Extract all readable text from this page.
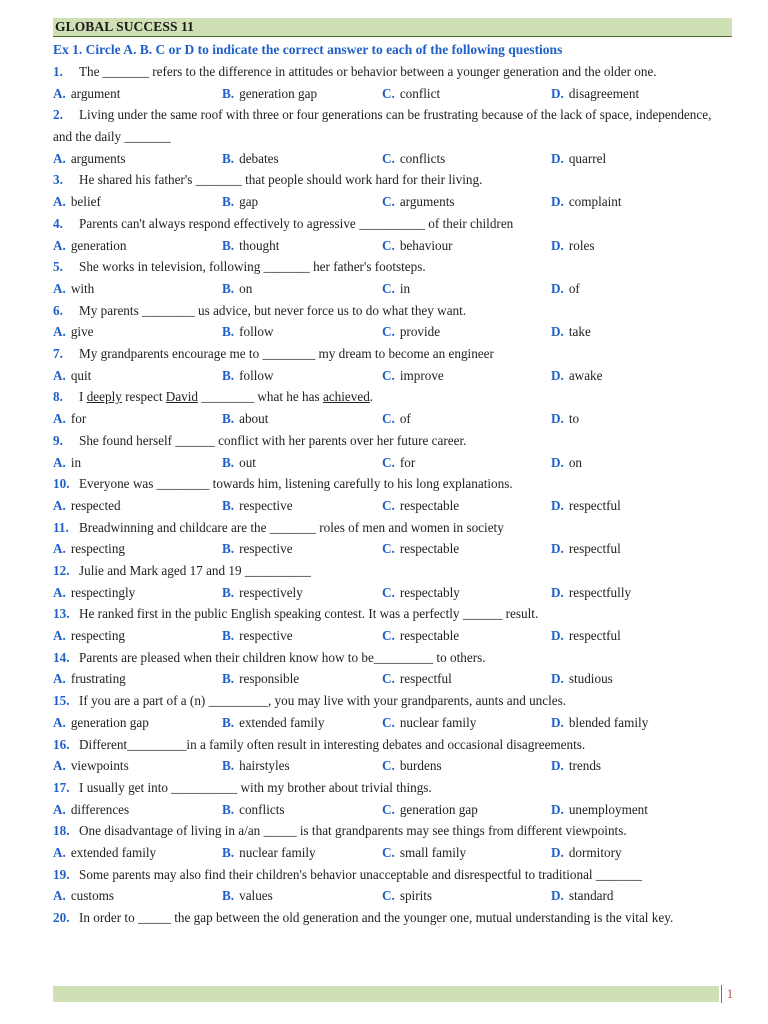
GLOBAL SUCCESS 11
Ex 1. Circle A. B. C or D to indicate the correct answer to each of the following questions
1. The _______ refers to the difference in attitudes or behavior between a younger generation and the older one.
A. argument	B. generation gap	C. conflict	D. disagreement
2. Living under the same roof with three or four generations can be frustrating because of the lack of space, independence, and the daily _______
A. arguments	B. debates	C. conflicts	D. quarrel
3. He shared his father's _______ that people should work hard for their living.
A. belief	B. gap	C. arguments	D. complaint
4. Parents can't always respond effectively to agressive __________ of their children
A. generation	B. thought	C. behaviour	D. roles
5. She works in television, following _______ her father's footsteps.
A. with	B. on	C. in	D. of
6. My parents ________ us advice, but never force us to do what they want.
A. give	B. follow	C. provide	D. take
7. My grandparents encourage me to ________ my dream to become an engineer
A. quit	B. follow	C. improve	D. awake
8. I deeply respect David ________ what he has achieved.
A. for	B. about	C. of	D. to
9. She found herself ______ conflict with her parents over her future career.
A. in	B. out	C. for	D. on
10. Everyone was ________ towards him, listening carefully to his long explanations.
A. respected	B. respective	C. respectable	D. respectful
11. Breadwinning and childcare are the _______ roles of men and women in society
A. respecting	B. respective	C. respectable	D. respectful
12. Julie and Mark aged 17 and 19 __________
A. respectingly	B. respectively	C. respectably	D. respectfully
13. He ranked first in the public English speaking contest. It was a perfectly ______ result.
A. respecting	B. respective	C. respectable	D. respectful
14. Parents are pleased when their children know how to be_________ to others.
A. frustrating	B. responsible	C. respectful	D. studious
15. If you are a part of a (n) _________, you may live with your grandparents, aunts and uncles.
A. generation gap	B. extended family	C. nuclear family	D. blended family
16. Different_________in a family often result in interesting debates and occasional disagreements.
A. viewpoints	B. hairstyles	C. burdens	D. trends
17. I usually get into __________ with my brother about trivial things.
A. differences	B. conflicts	C. generation gap	D. unemployment
18. One disadvantage of living in a/an _____ is that grandparents may see things from different viewpoints.
A. extended family	B. nuclear family	C. small family	D. dormitory
19. Some parents may also find their children's behavior unacceptable and disrespectful to traditional _______
A. customs	B. values	C. spirits	D. standard
20. In order to _____ the gap between the old generation and the younger one, mutual understanding is the vital key.
1
